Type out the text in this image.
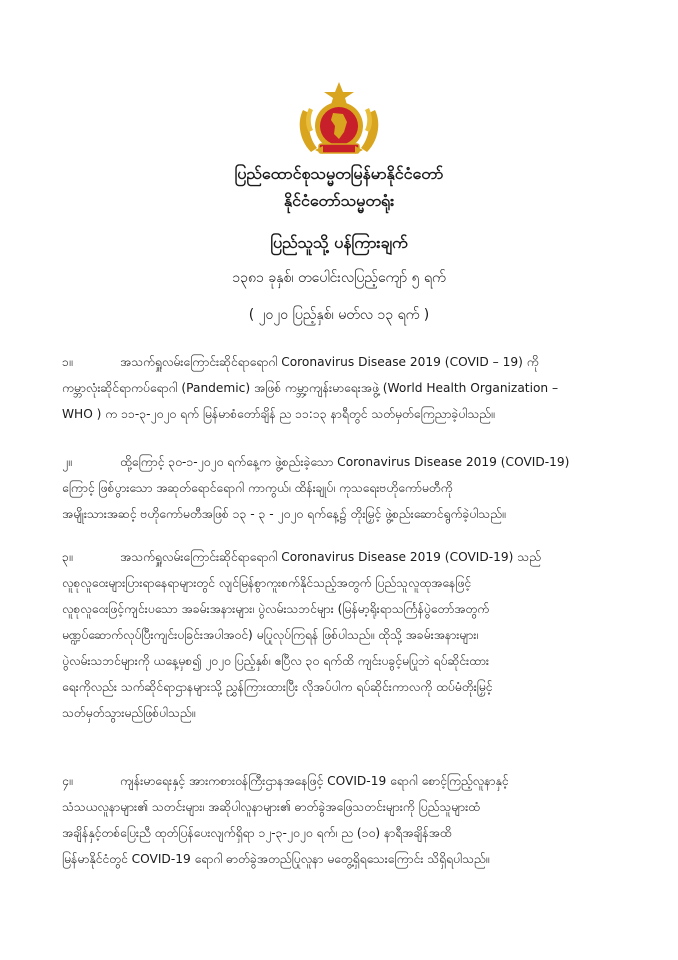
ပြည်ထောင်စုသမ္မတမြန်မာနိုင်ငံတော်
နိုင်ငံတော်သမ္မတရုံး
ပြည်သူသို့ ပန်ကြားချက်
၁၃၈၁ ခုနှစ်၊ တပေါင်းလပြည့်ကျော် ၅ ရက်
( ၂၀၂၀ ပြည့်နှစ်၊ မတ်လ ၁၃ ရက် )
၁။	အသက်ရှူလမ်းကြောင်းဆိုင်ရာရောဂါ Coronavirus Disease 2019 (COVID – 19) ကို
ကမ္ဘာလုံးဆိုင်ရာကပ်ရောဂါ (Pandemic) အဖြစ် ကမ္ဘာ့ကျန်းမာရေးအဖွဲ့ (World Health Organization –
WHO ) က ၁၁-၃-၂၀၂၀ ရက် မြန်မာစံတော်ချိန် ည ၁၁:၁၃ နာရီတွင် သတ်မှတ်ကြေညာခဲ့ပါသည်။
၂။	ထို့ကြောင့် ၃၀-၁-၂၀၂၀ ရက်နေ့က ဖွဲ့စည်းခဲ့သော Coronavirus Disease 2019 (COVID-19)
ကြောင့် ဖြစ်ပွားသော အဆုတ်ရောင်ရောဂါ ကာကွယ်၊ ထိန်းချုပ်၊ ကုသရေးဗဟိုကော်မတီကို
အမျိုးသားအဆင့် ဗဟိုကော်မတီအဖြစ် ၁၃ - ၃ - ၂၀၂၀ ရက်နေ့၌ တိုးမြှင့် ဖွဲ့စည်းဆောင်ရွက်ခဲ့ပါသည်။
၃။	အသက်ရှူလမ်းကြောင်းဆိုင်ရာရောဂါ Coronavirus Disease 2019 (COVID-19) သည်
လူစုလူဝေးများပြားရာနေရာများတွင် လျင်မြန်စွာကူးစက်နိုင်သည့်အတွက် ပြည်သူလူထုအနေဖြင့်
လူစုလူဝေးဖြင့်ကျင်းပသော အခမ်းအနားများ၊ ပွဲလမ်းသဘင်များ (မြန်မာ့ရိုးရာသင်္ကြန်ပွဲတော်အတွက်
မဏ္ဍပ်ဆောက်လုပ်ပြီးကျင်းပခြင်းအပါအဝင်) မပြုလုပ်ကြရန် ဖြစ်ပါသည်။ ထိုသို့ အခမ်းအနားများ၊
ပွဲလမ်းသဘင်များကို ယနေ့မှစ၍ ၂၀၂၀ ပြည့်နှစ်၊ ဧပြီလ ၃၀ ရက်ထိ ကျင်းပခွင့်မပြုဘဲ ရပ်ဆိုင်းထား
ရေးကိုလည်း သက်ဆိုင်ရာဌာနများသို့ ညွှန်ကြားထားပြီး လိုအပ်ပါက ရပ်ဆိုင်းကာလကို ထပ်မံတိုးမြှင့်
သတ်မှတ်သွားမည်ဖြစ်ပါသည်။
၄။	ကျန်းမာရေးနှင့် အားကစားဝန်ကြီးဌာနအနေဖြင့် COVID-19 ရောဂါ စောင့်ကြည့်လူနာနှင့်
သံသယလူနာများ၏ သတင်းများ၊ အဆိုပါလူနာများ၏ ဓာတ်ခွဲအဖြေသတင်းများကို ပြည်သူများထံ
အချိန်နှင့်တစ်ပြေးညီ ထုတ်ပြန်ပေးလျက်ရှိရာ ၁၂-၃-၂၀၂၀ ရက်၊ ည (၁၀) နာရီအချိန်အထိ
မြန်မာနိုင်ငံတွင် COVID-19 ရောဂါ ဓာတ်ခွဲအတည်ပြုလူနာ မတွေ့ရှိရသေးကြောင်း သိရှိရပါသည်။
